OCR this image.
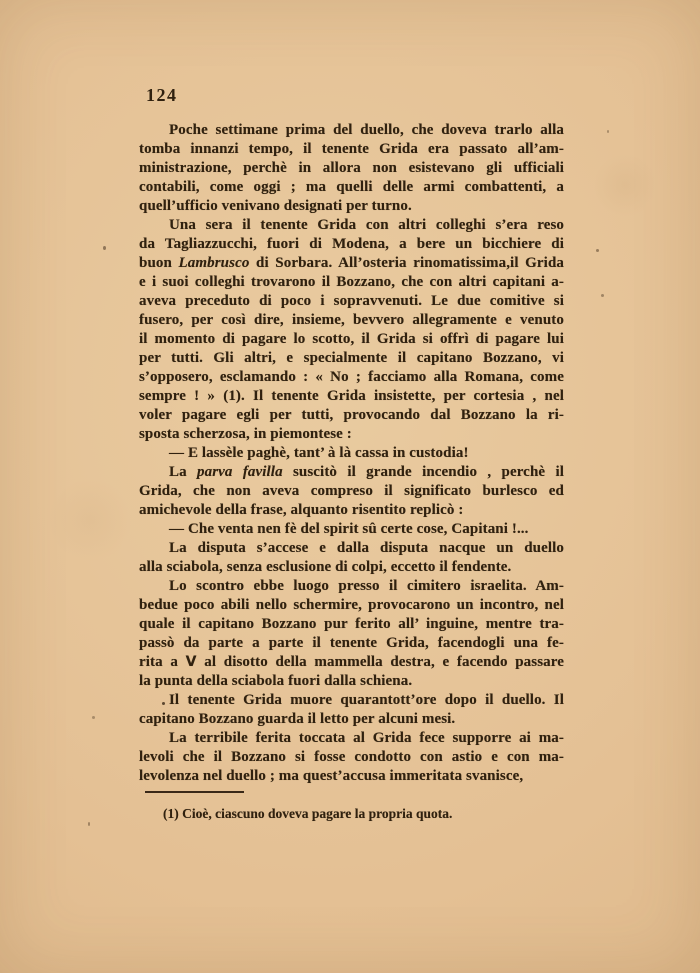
124
Poche settimane prima del duello, che doveva trarlo alla
tomba innanzi tempo, il tenente Grida era passato all’am-
ministrazione, perchè in allora non esistevano gli ufficiali
contabili, come oggi ; ma quelli delle armi combattenti, a
quell’ufficio venivano designati per turno.
Una sera il tenente Grida con altri colleghi s’era reso
da Tagliazzucchi, fuori di Modena, a bere un bicchiere di
buon Lambrusco di Sorbara. All’osteria rinomatissima,il Grida
e i suoi colleghi trovarono il Bozzano, che con altri capitani a-
aveva preceduto di poco i sopravvenuti. Le due comitive si
fusero, per così dire, insieme, bevvero allegramente e venuto
il momento di pagare lo scotto, il Grida si offrì di pagare lui
per tutti. Gli altri, e specialmente il capitano Bozzano, vi
s’opposero, esclamando : « No ; facciamo alla Romana, come
sempre ! » (1). Il tenente Grida insistette, per cortesia , nel
voler pagare egli per tutti, provocando dal Bozzano la ri-
sposta scherzosa, in piemontese :
— E lassèle paghè, tant’ à là cassa in custodia!
La parva favilla suscitò il grande incendio , perchè il
Grida, che non aveva compreso il significato burlesco ed
amichevole della frase, alquanto risentito replicò :
— Che venta nen fè del spirit sû certe cose, Capitani !...
La disputa s’accese e dalla disputa nacque un duello
alla sciabola, senza esclusione di colpi, eccetto il fendente.
Lo scontro ebbe luogo presso il cimitero israelita. Am-
bedue poco abili nello schermire, provocarono un incontro, nel
quale il capitano Bozzano pur ferito all’ inguine, mentre tra-
passò da parte a parte il tenente Grida, facendogli una fe-
rita a V al disotto della mammella destra, e facendo passare
la punta della sciabola fuori dalla schiena.
Il tenente Grida muore quarantott’ore dopo il duello. Il
capitano Bozzano guarda il letto per alcuni mesi.
La terribile ferita toccata al Grida fece supporre ai ma-
levoli che il Bozzano si fosse condotto con astio e con ma-
levolenza nel duello ; ma quest’accusa immeritata svanisce,
(1) Cioè, ciascuno doveva pagare la propria quota.
